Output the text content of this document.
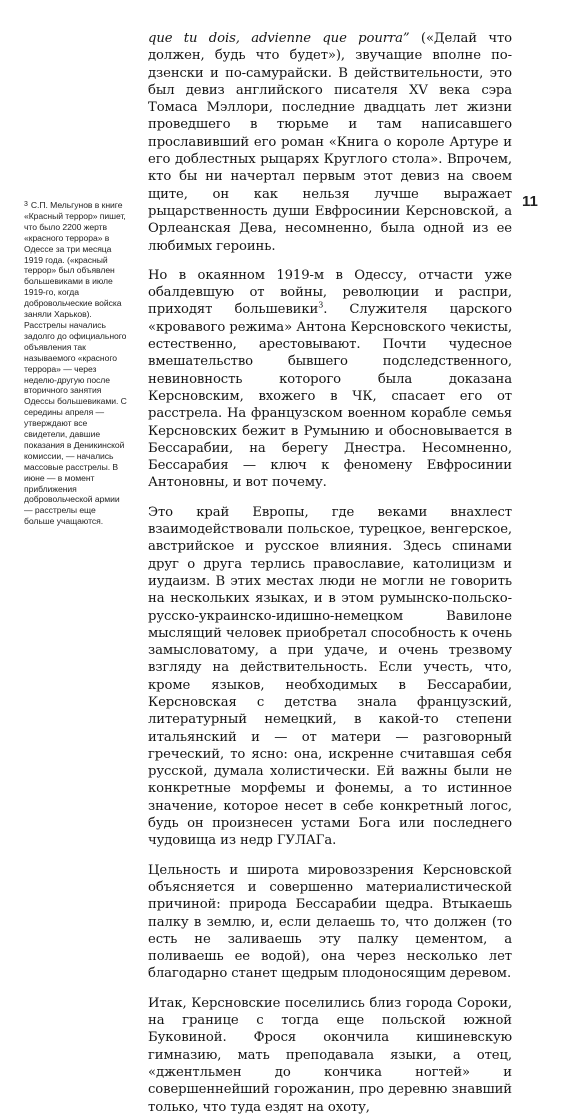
que tu dois, advienne que pourra” («Делай что должен, будь что будет»), звучащие вполне по-дзенски и по-самурайски. В действительности, это был девиз английского писателя XV века сэра Томаса Мэллори, последние двадцать лет жизни проведшего в тюрьме и там написавшего прославивший его роман «Книга о короле Артуре и его доблестных рыцарях Круглого стола». Впрочем, кто бы ни начертал первым этот девиз на своем щите, он как нельзя лучше выражает рыцарственность души Евфросинии Керсновской, а Орлеанская Дева, несомненно, была одной из ее любимых героинь.

Но в окаянном 1919-м в Одессу, отчасти уже обалдевшую от войны, революции и распри, приходят большевики$^3$. Служителя царского «кровавого режима» Антона Керсновского чекисты, естественно, арестовывают. Почти чудесное вмешательство бывшего подследственного, невиновность которого была доказана Керсновским, вхожего в ЧК, спасает его от расстрела. На французском военном корабле семья Керсновских бежит в Румынию и обосновывается в Бессарабии, на берегу Днестра. Несомненно, Бессарабия — ключ к феномену Евфросинии Антоновны, и вот почему.

Это край Европы, где веками внахлест взаимодействовали польское, турецкое, венгерское, австрийское и русское влияния. Здесь спинами друг о друга терлись православие, католицизм и иудаизм. В этих местах люди не могли не говорить на нескольких языках, и в этом румынско-польско-русско-украинско-идишно-немецком Вавилоне мыслящий человек приобретал способность к очень замысловатому, а при удаче, и очень трезвому взгляду на действительность. Если учесть, что, кроме языков, необходимых в Бессарабии, Керсновская с детства знала французский, литературный немецкий, в какой-то степени итальянский и — от матери — разговорный греческий, то ясно: она, искренне считавшая себя русской, думала холистически. Ей важны были не конкретные морфемы и фонемы, а то истинное значение, которое несет в себе конкретный логос, будь он произнесен устами Бога или последнего чудовища из недр ГУЛАГа.

Цельность и широта мировоззрения Керсновской объясняется и совершенно материалистической причиной: природа Бессарабии щедра. Втыкаешь палку в землю, и, если делаешь то, что должен (то есть не заливаешь эту палку цементом, а поливаешь ее водой), она через несколько лет благодарно станет щедрым плодоносящим деревом.

Итак, Керсновские поселились близ города Сороки, на границе с тогда еще польской южной Буковиной. Фрося окончила кишиневскую гимназию, мать преподавала языки, а отец, «джентльмен до кончика ногтей» и совершеннейший горожанин, про деревню знавший только, что туда ездят на охоту,

11
$^3$ С.П. Мельгунов в книге «Красный террор» пишет, что было 2200 жертв «красного террора» в Одессе за три месяца 1919 года. («красный террор» был объявлен большевиками в июле 1919-го, когда добровольческие войска заняли Харьков). Расстрелы начались задолго до официального объявления так называемого «красного террора» — через неделю-другую после вторичного занятия Одессы большевиками. С середины апреля — утверждают все свидетели, давшие показания в Деникинской комиссии, — начались массовые расстрелы. В июне — в момент приближения добровольческой армии — расстрелы еще больше учащаются.
